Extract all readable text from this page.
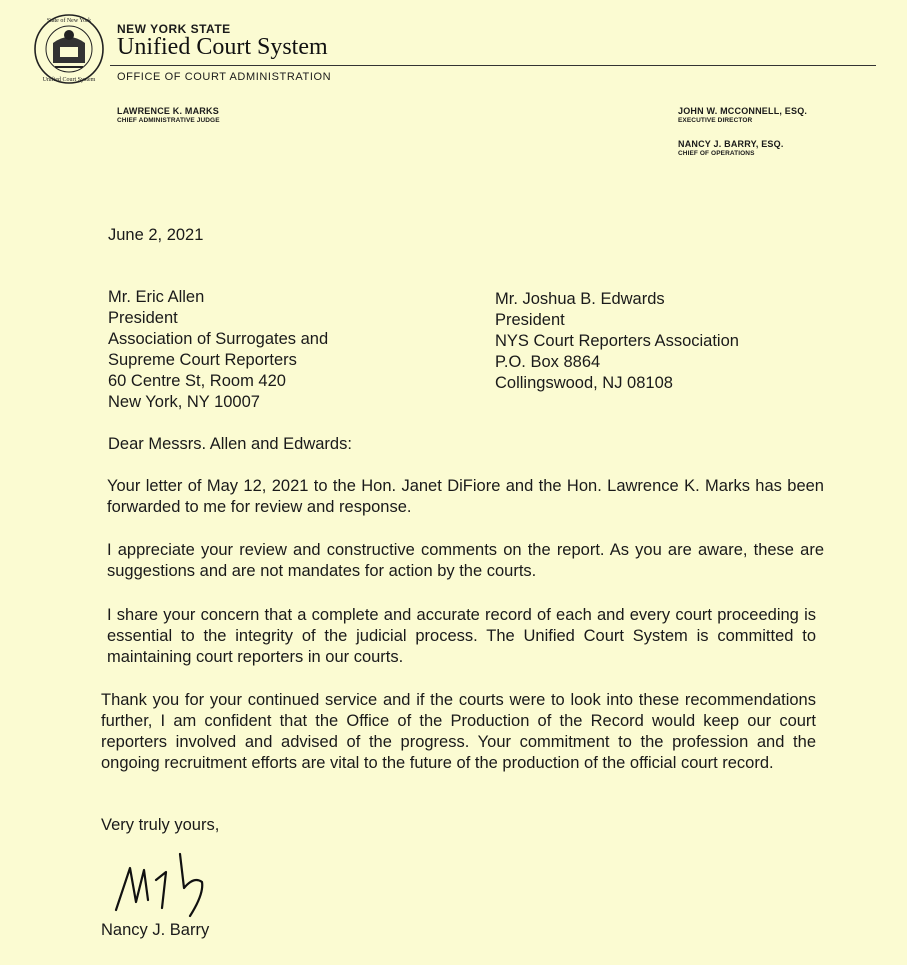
State of New York
Unified Court System
NEW YORK STATE
Unified Court System
OFFICE OF COURT ADMINISTRATION
LAWRENCE K. MARKS
CHIEF ADMINISTRATIVE JUDGE
JOHN W. MCCONNELL, ESQ.
EXECUTIVE DIRECTOR
NANCY J. BARRY, ESQ.
CHIEF OF OPERATIONS
June 2, 2021
Mr. Eric Allen
President
Association of Surrogates and
Supreme Court Reporters
60 Centre St, Room 420
New York, NY 10007
Mr. Joshua B. Edwards
President
NYS Court Reporters Association
P.O. Box 8864
Collingswood, NJ 08108
Dear Messrs. Allen and Edwards:
Your letter of May 12, 2021 to the Hon. Janet DiFiore and the Hon. Lawrence K. Marks has been forwarded to me for review and response.
I appreciate your review and constructive comments on the report. As you are aware, these are suggestions and are not mandates for action by the courts.
I share your concern that a complete and accurate record of each and every court proceeding is essential to the integrity of the judicial process. The Unified Court System is committed to maintaining court reporters in our courts.
Thank you for your continued service and if the courts were to look into these recommendations further, I am confident that the Office of the Production of the Record would keep our court reporters involved and advised of the progress. Your commitment to the profession and the ongoing recruitment efforts are vital to the future of the production of the official court record.
Very truly yours,
Nancy J. Barry
